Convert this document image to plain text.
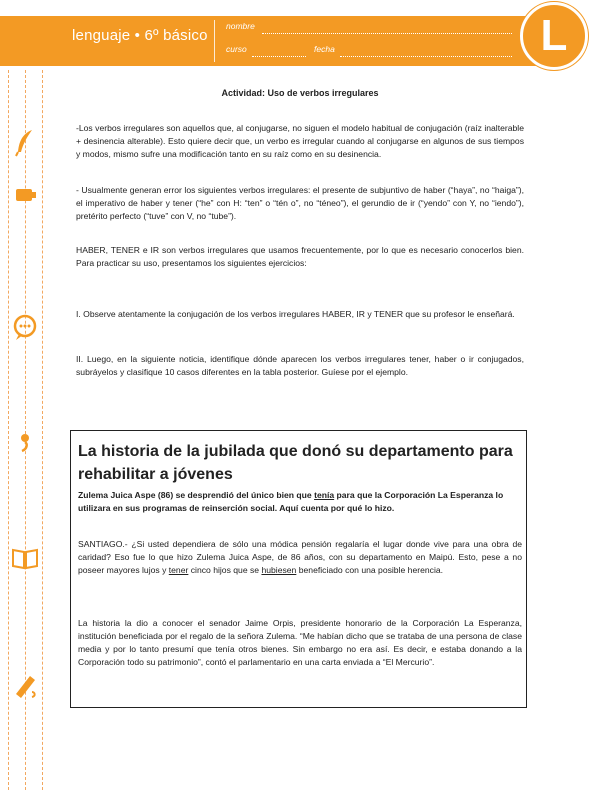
lenguaje • 6º básico
nombre
curso	fecha	L
Actividad: Uso de verbos irregulares

-Los verbos irregulares son aquellos que, al conjugarse, no siguen el modelo habitual de conjugación (raíz inalterable + desinencia alterable). Esto quiere decir que, un verbo es irregular cuando al conjugarse en algunos de sus tiempos y modos, mismo sufre una modificación tanto en su raíz como en su desinencia.

- Usualmente generan error los siguientes verbos irregulares: el presente de subjuntivo de haber (“haya”, no “haiga”), el imperativo de haber y tener (“he” con H: “ten” o “tén o”, no “téneo”), el gerundio de ir (“yendo” con Y, no “iendo”), pretérito perfecto (“tuve” con V, no “tube”).

HABER, TENER e IR son verbos irregulares que usamos frecuentemente, por lo que es necesario conocerlos bien. Para practicar su uso, presentamos los siguientes ejercicios:

I. Observe atentamente la conjugación de los verbos irregulares HABER, IR y TENER que su profesor le enseñará.

II. Luego, en la siguiente noticia, identifique dónde aparecen los verbos irregulares tener, haber o ir conjugados, subráyelos y clasifique 10 casos diferentes en la tabla posterior. Guíese por el ejemplo.

La historia de la jubilada que donó su departamento para rehabilitar a jóvenes

Zulema Juica Aspe (86) se desprendió del único bien que tenía para que la Corporación La Esperanza lo utilizara en sus programas de reinserción social. Aquí cuenta por qué lo hizo.

SANTIAGO.- ¿Si usted dependiera de sólo una módica pensión regalaría el lugar donde vive para una obra de caridad? Eso fue lo que hizo Zulema Juica Aspe, de 86 años, con su departamento en Maipú. Esto, pese a no poseer mayores lujos y tener cinco hijos que se hubiesen beneficiado con una posible herencia.

La historia la dio a conocer el senador Jaime Orpis, presidente honorario de la Corporación La Esperanza, institución beneficiada por el regalo de la señora Zulema. “Me habían dicho que se trataba de una persona de clase media y por lo tanto presumí que tenía otros bienes. Sin embargo no era así. Es decir, e estaba donando a la Corporación todo su patrimonio”, contó el parlamentario en una carta enviada a “El Mercurio”.
